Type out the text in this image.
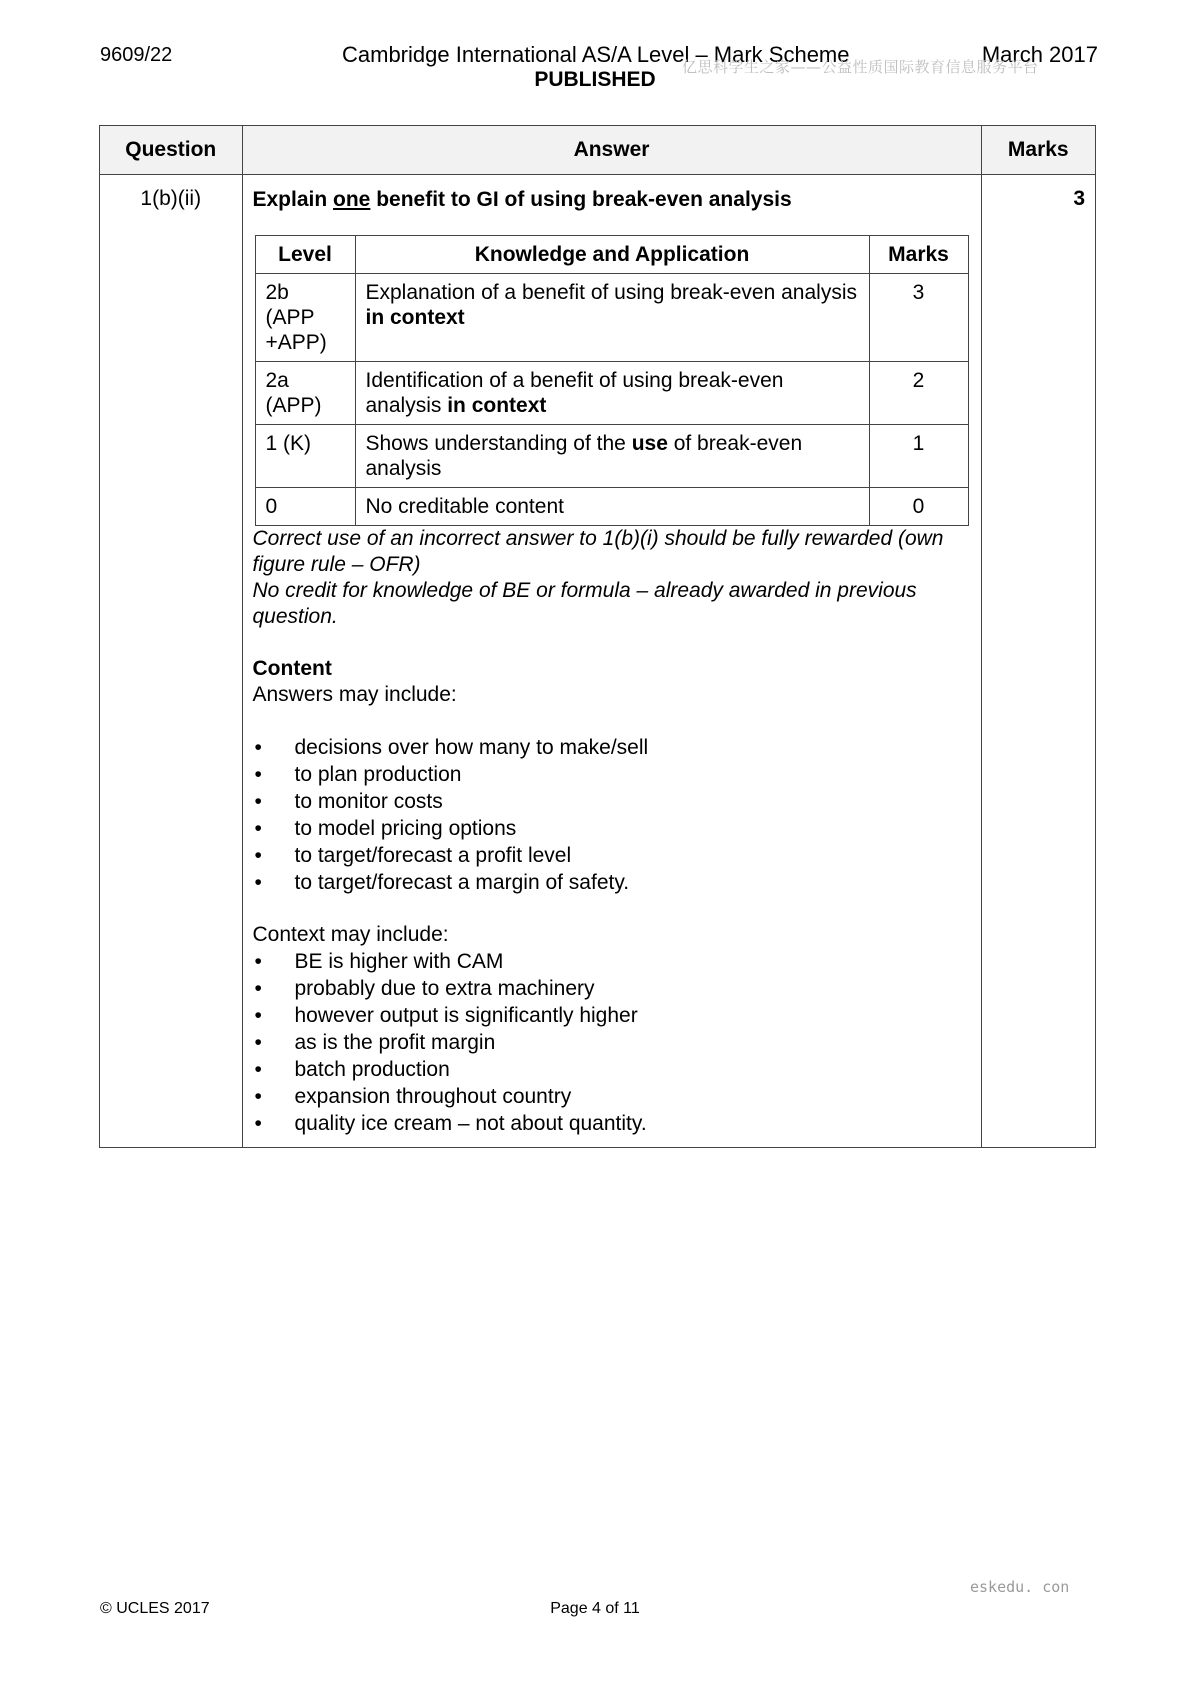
9609/22	Cambridge International AS/A Level – Mark Scheme	March 2017
PUBLISHED
亿思科学生之家——公益性质国际教育信息服务平台
Question	Answer	Marks
1(b)(ii)	Explain one benefit to GI of using break-even analysis
Level	Knowledge and Application	Marks

2b
(APP
+APP)
	Explanation of a benefit of using break-even analysis in context	3

2a
(APP)
	Identification of a benefit of using break-even analysis in context	2

1 (K)	Shows understanding of the use of break-even analysis	1

0	No creditable content	0
Correct use of an incorrect answer to 1(b)(i) should be fully rewarded (own figure rule – OFR)
No credit for knowledge of BE or formula – already awarded in previous question.
Content
Answers may include:
• decisions over how many to make/sell
• to plan production
• to monitor costs
• to model pricing options
• to target/forecast a profit level
• to target/forecast a margin of safety.
Context may include:
• BE is higher with CAM
• probably due to extra machinery
• however output is significantly higher
• as is the profit margin
• batch production
• expansion throughout country
• quality ice cream – not about quantity.
	3
© UCLES 2017	Page 4 of 11
eskedu. con
